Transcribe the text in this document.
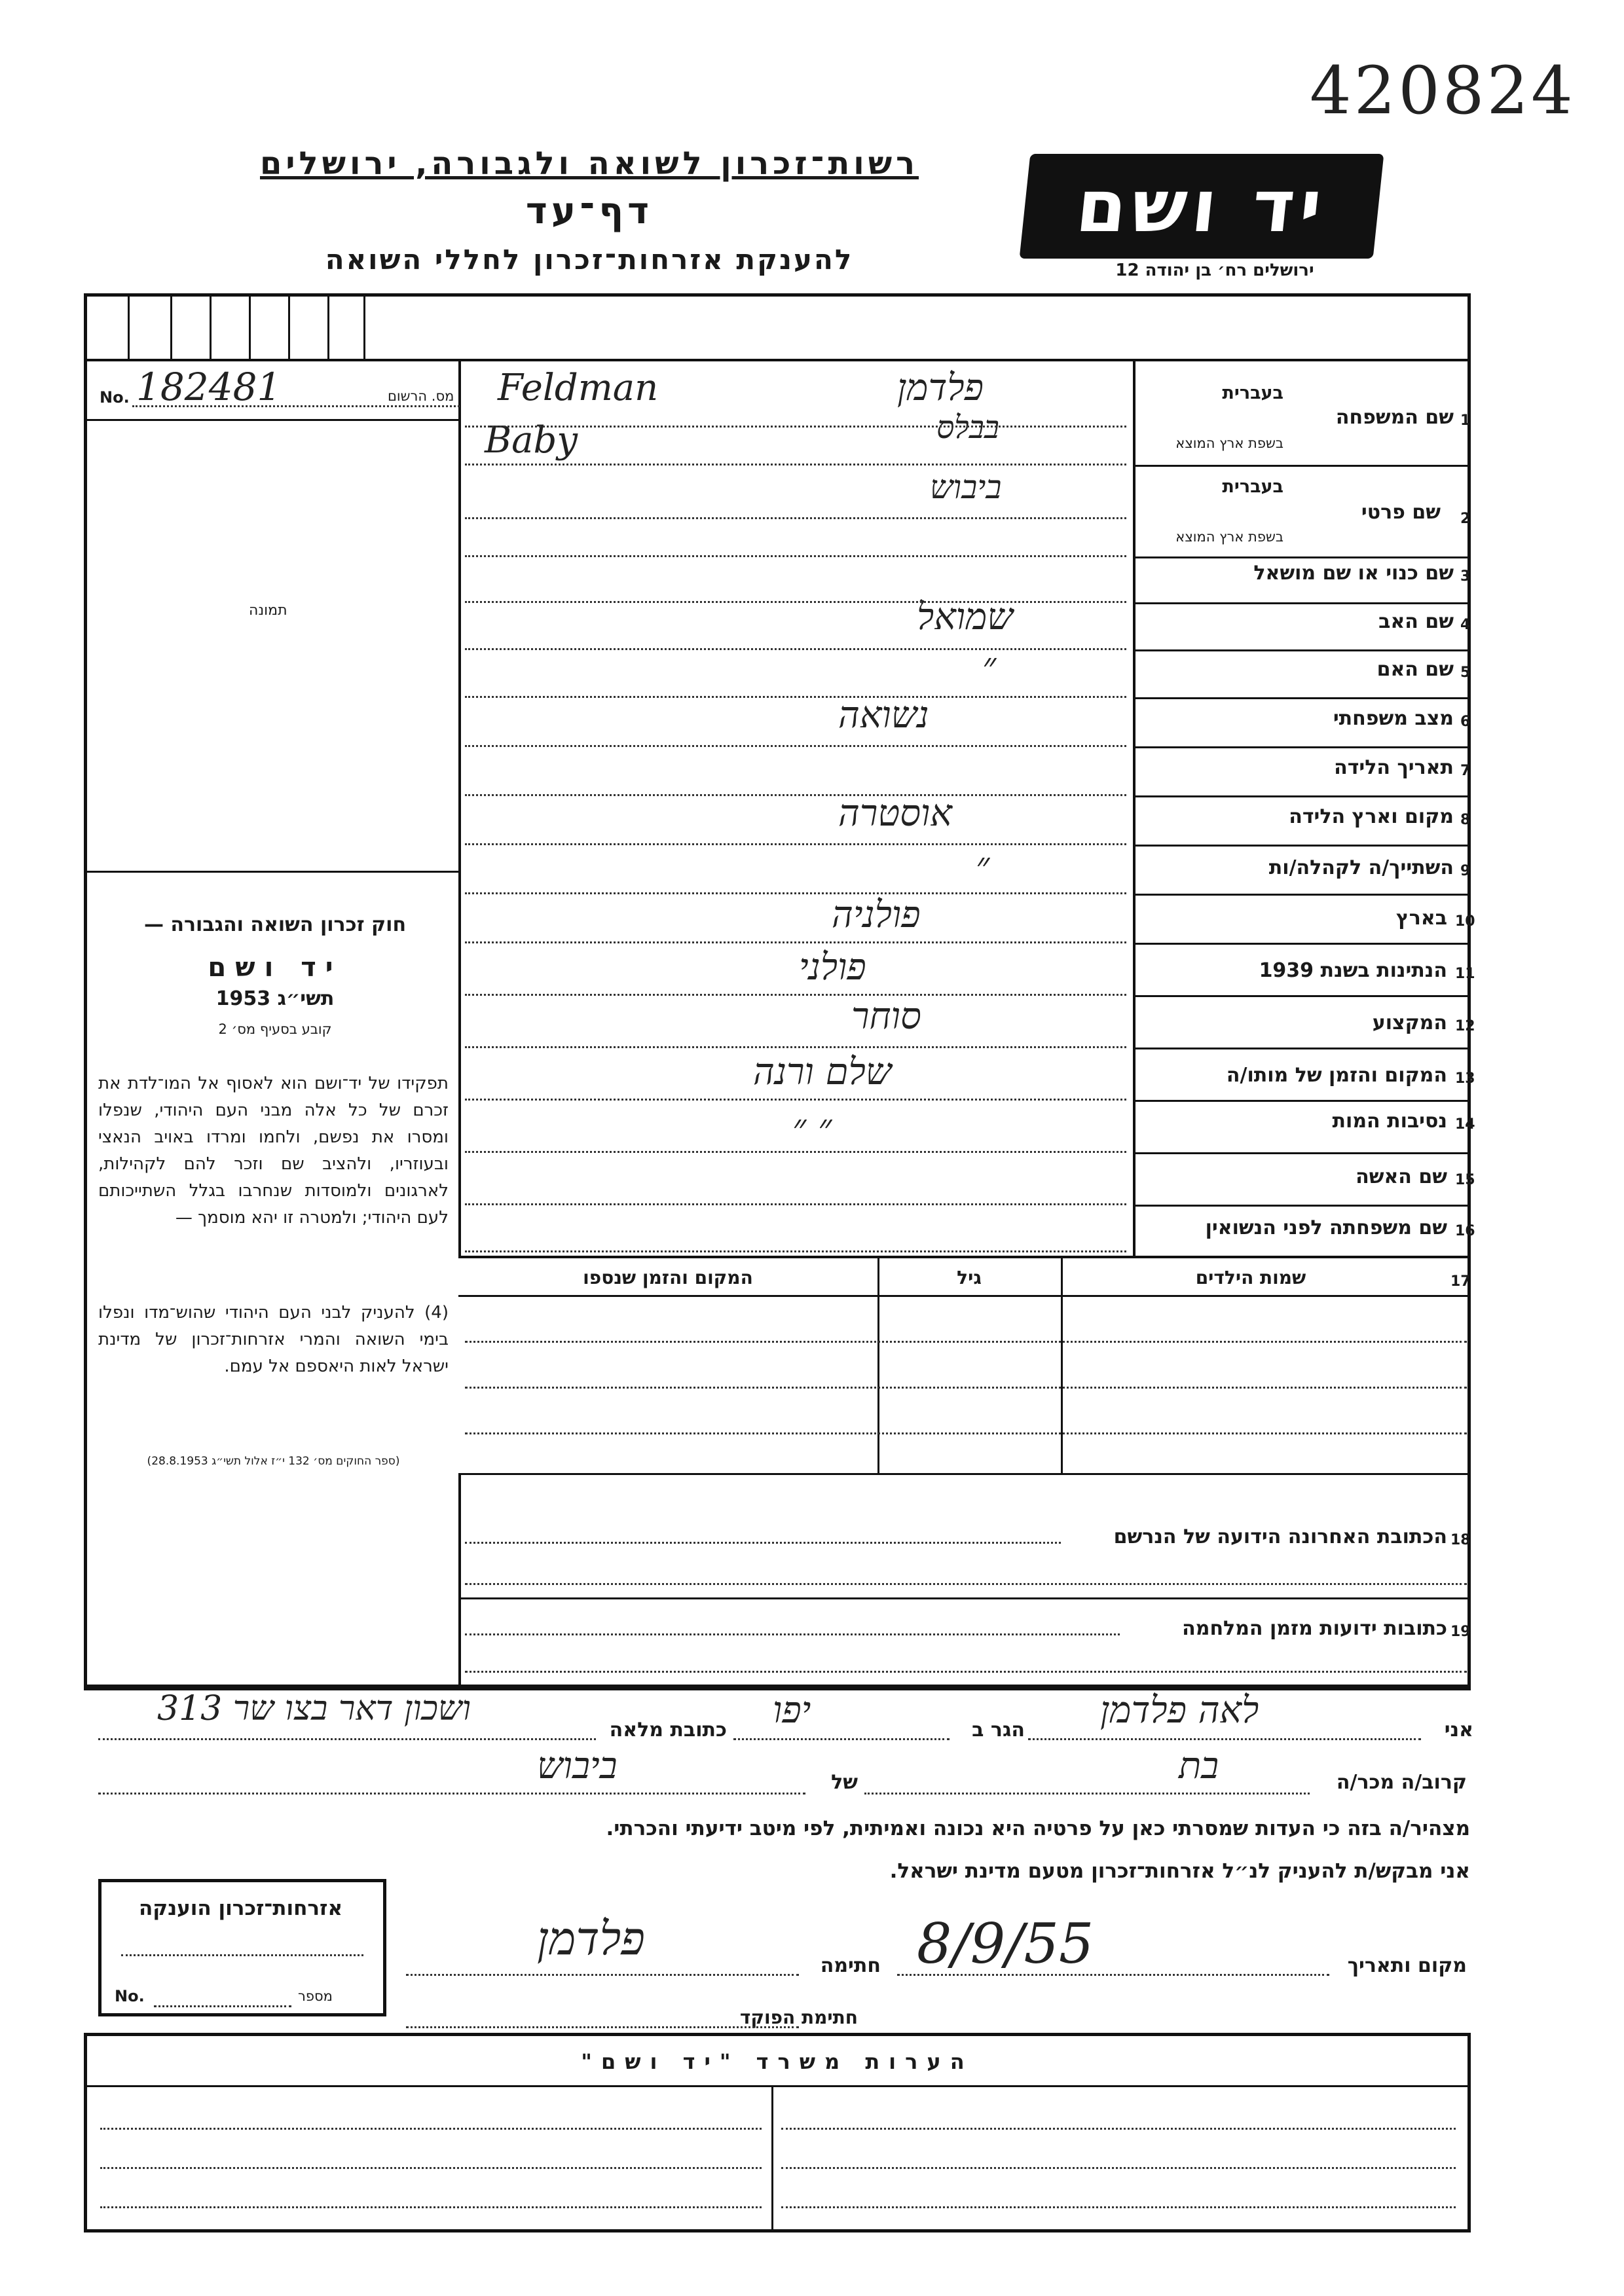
420824
רשות־זכרון לשואה ולגבורה, ירושלים
דף־עד
להענקת אזרחות־זכרון לחללי השואה
יד ושם
ירושלים רח׳ בן יהודה 12
No. 182481	מס. הרשום
תמונה
חוק זכרון השואה והגבורה —
יד ושם
תשי״ג 1953
קובע בסעיף מס׳ 2
תפקידו של יד־ושם הוא לאסוף אל המו־לדת את זכרם של כל אלה מבני העם היהודי, שנפלו ומסרו את נפשם, ולחמו ומרדו באויב הנאצי ובעוזריו, ולהציב שם וזכר להם לקהילות, לארגונים ולמוסדות שנחרבו בגלל השתייכותם לעם היהודי; ולמטרה זו יהא מוסמך —
(4) להעניק לבני העם היהודי שהוש־מדו ונפלו בימי השואה והמרי אזרחות־זכרון של מדינת ישראל לאות היאספם אל עמם.
(ספר החוקים מס׳ 132 י״ז אלול תשי״ג 28.8.1953)
1
שם המשפחה
בעברית
בשפת ארץ המוצא
פלדמן
Feldman
2
שם פרטי
בעברית
בשפת ארץ המוצא
בבלס
Baby
ביבוש
3
שם כנוי או שם מושאל
4
שם האב
שמואל
5
שם האם
״
6
מצב משפחתי
נשואה
7
תאריך הלידה
8
מקום וארץ הלידה
אוסטרה
9
השתייך/ה לקהלה/ות
״
10
בארץ
פולניה
11
הנתינות בשנת 1939
פולני
12
המקצוע
סוחר
13
המקום והזמן של מותו/ה
שלם ורנה
14
נסיבות המות
״ ״
15
שם האשה
16
שם משפחתה לפני הנשואין
17
שמות הילדים
גיל
המקום והזמן שנספו
18
הכתובת האחרונה הידועה של הנרשם
19
כתובות ידועות מזמן המלחמה
אני
לאה פלדמן
הגר ב
יפו
כתובת מלאה
ושכון דאר בצו שר 313
קרוב/ה מכר/ה
בת
של
ביבוש
מצהיר/ה בזה כי העדות שמסרתי כאן על פרטיה היא נכונה ואמיתית, לפי מיטב ידיעתי והכרתי.
אני מבקש/ת להעניק לנ״ל אזרחות־זכרון מטעם מדינת ישראל.
מקום ותאריך
8/9/55
חתימה
פלדמן
חתימת הפוקד
אזרחות־זכרון הוענקה
No.	מספר
הערות משרד "יד ושם"
